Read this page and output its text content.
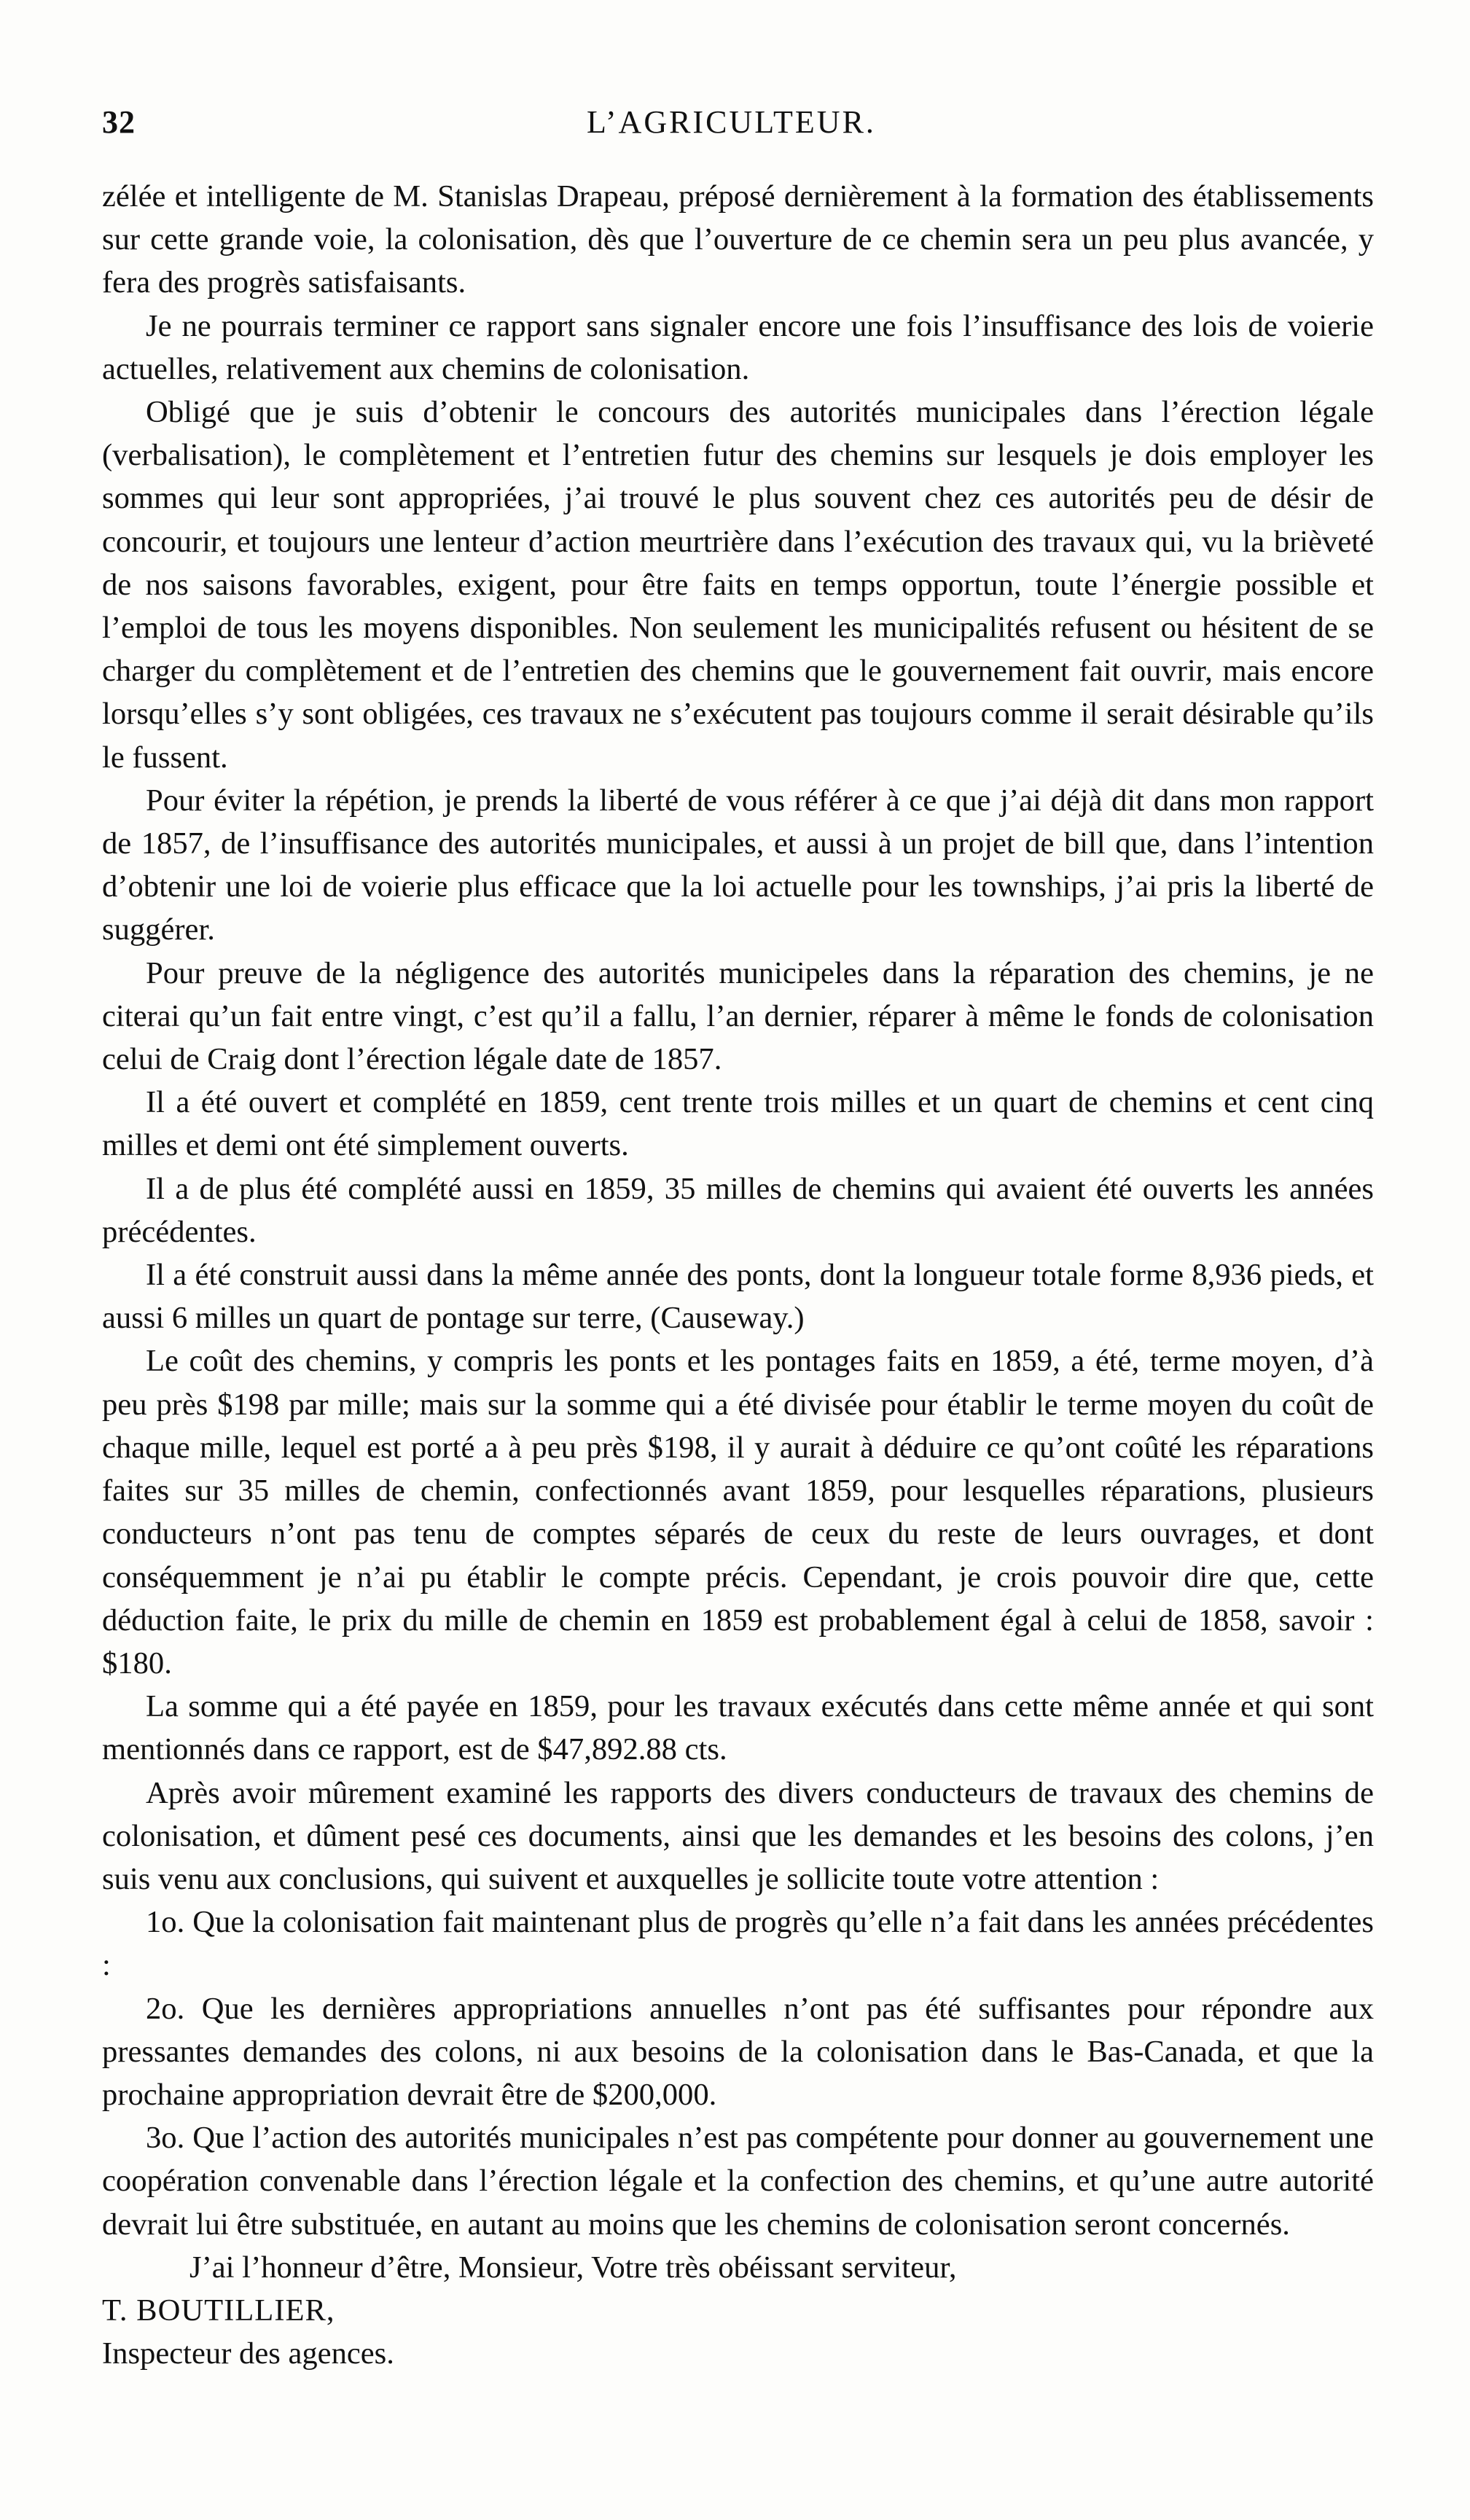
32	L’AGRICULTEUR.

zélée et intelligente de M. Stanislas Drapeau, préposé dernièrement à la formation des établissements sur cette grande voie, la colonisation, dès que l’ouverture de ce chemin sera un peu plus avancée, y fera des progrès satisfaisants.

Je ne pourrais terminer ce rapport sans signaler encore une fois l’insuffisance des lois de voierie actuelles, relativement aux chemins de colonisation.

Obligé que je suis d’obtenir le concours des autorités municipales dans l’érection légale (verbalisation), le complètement et l’entretien futur des chemins sur lesquels je dois employer les sommes qui leur sont appropriées, j’ai trouvé le plus souvent chez ces autorités peu de désir de concourir, et toujours une lenteur d’action meurtrière dans l’exécution des travaux qui, vu la brièveté de nos saisons favorables, exigent, pour être faits en temps opportun, toute l’énergie possible et l’emploi de tous les moyens disponibles. Non seulement les municipalités refusent ou hésitent de se charger du complètement et de l’entretien des chemins que le gouvernement fait ouvrir, mais encore lorsqu’elles s’y sont obligées, ces travaux ne s’exécutent pas toujours comme il serait désirable qu’ils le fussent.

Pour éviter la répétion, je prends la liberté de vous référer à ce que j’ai déjà dit dans mon rapport de 1857, de l’insuffisance des autorités municipales, et aussi à un projet de bill que, dans l’intention d’obtenir une loi de voierie plus efficace que la loi actuelle pour les townships, j’ai pris la liberté de suggérer.

Pour preuve de la négligence des autorités municipeles dans la réparation des chemins, je ne citerai qu’un fait entre vingt, c’est qu’il a fallu, l’an dernier, réparer à même le fonds de colonisation celui de Craig dont l’érection légale date de 1857.

Il a été ouvert et complété en 1859, cent trente trois milles et un quart de chemins et cent cinq milles et demi ont été simplement ouverts.

Il a de plus été complété aussi en 1859, 35 milles de chemins qui avaient été ouverts les années précédentes.

Il a été construit aussi dans la même année des ponts, dont la longueur totale forme 8,936 pieds, et aussi 6 milles un quart de pontage sur terre, (Causeway.)

Le coût des chemins, y compris les ponts et les pontages faits en 1859, a été, terme moyen, d’à peu près $198 par mille; mais sur la somme qui a été divisée pour établir le terme moyen du coût de chaque mille, lequel est porté a à peu près $198, il y aurait à déduire ce qu’ont coûté les réparations faites sur 35 milles de chemin, confectionnés avant 1859, pour lesquelles réparations, plusieurs conducteurs n’ont pas tenu de comptes séparés de ceux du reste de leurs ouvrages, et dont conséquemment je n’ai pu établir le compte précis. Cependant, je crois pouvoir dire que, cette déduction faite, le prix du mille de chemin en 1859 est probablement égal à celui de 1858, savoir : $180.

La somme qui a été payée en 1859, pour les travaux exécutés dans cette même année et qui sont mentionnés dans ce rapport, est de $47,892.88 cts.

Après avoir mûrement examiné les rapports des divers conducteurs de travaux des chemins de colonisation, et dûment pesé ces documents, ainsi que les demandes et les besoins des colons, j’en suis venu aux conclusions, qui suivent et auxquelles je sollicite toute votre attention :

1o. Que la colonisation fait maintenant plus de progrès qu’elle n’a fait dans les années précédentes :

2o. Que les dernières appropriations annuelles n’ont pas été suffisantes pour répondre aux pressantes demandes des colons, ni aux besoins de la colonisation dans le Bas-Canada, et que la prochaine appropriation devrait être de $200,000.

3o. Que l’action des autorités municipales n’est pas compétente pour donner au gouvernement une coopération convenable dans l’érection légale et la confection des chemins, et qu’une autre autorité devrait lui être substituée, en autant au moins que les chemins de colonisation seront concernés.

J’ai l’honneur d’être, Monsieur, Votre très obéissant serviteur,

T. BOUTILLIER,

Inspecteur des agences.
